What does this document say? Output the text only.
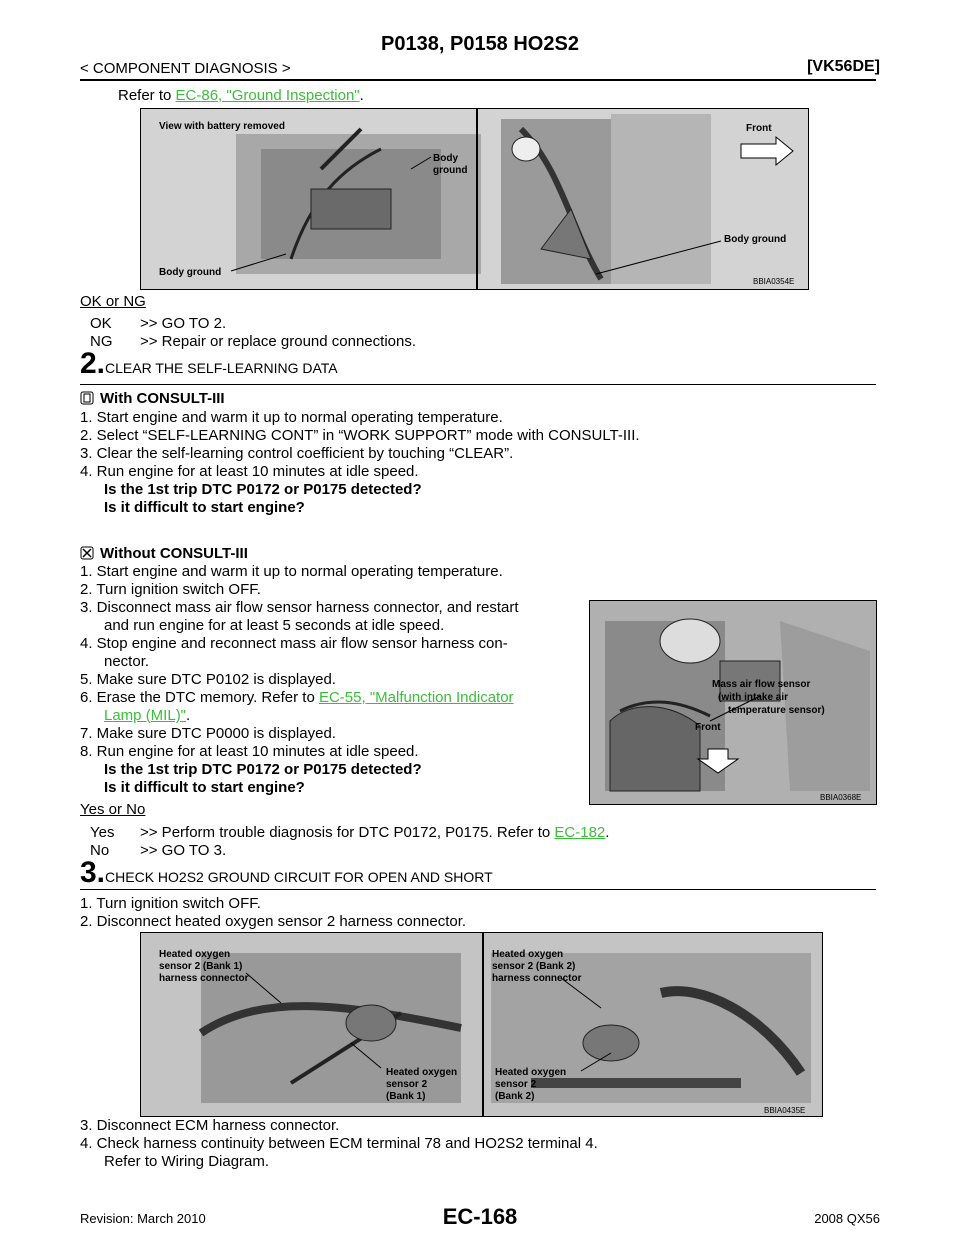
P0138, P0158 HO2S2
< COMPONENT DIAGNOSIS >	[VK56DE]
Refer to EC-86, "Ground Inspection".
View with battery removed
Body
ground
Body ground
Front
Body ground
BBIA0354E
OK or NG
OK >> GO TO 2.
NG >> Repair or replace ground connections.
2.CLEAR THE SELF-LEARNING DATA
With CONSULT-III
1. Start engine and warm it up to normal operating temperature.
2. Select “SELF-LEARNING CONT” in “WORK SUPPORT” mode with CONSULT-III.
3. Clear the self-learning control coefficient by touching “CLEAR”.
4. Run engine for at least 10 minutes at idle speed.
Is the 1st trip DTC P0172 or P0175 detected?
Is it difficult to start engine?
Without CONSULT-III
1. Start engine and warm it up to normal operating temperature.
2. Turn ignition switch OFF.
3. Disconnect mass air flow sensor harness connector, and restart
and run engine for at least 5 seconds at idle speed.
4. Stop engine and reconnect mass air flow sensor harness con-
nector.
5. Make sure DTC P0102 is displayed.
6. Erase the DTC memory. Refer to EC-55, "Malfunction Indicator
Lamp (MIL)".
7. Make sure DTC P0000 is displayed.
8. Run engine for at least 10 minutes at idle speed.
Is the 1st trip DTC P0172 or P0175 detected?
Is it difficult to start engine?
Mass air flow sensor
(with intake air
temperature sensor)
Front
BBIA0368E
Yes or No
Yes >> Perform trouble diagnosis for DTC P0172, P0175. Refer to EC-182.
No >> GO TO 3.
3.CHECK HO2S2 GROUND CIRCUIT FOR OPEN AND SHORT
1. Turn ignition switch OFF.
2. Disconnect heated oxygen sensor 2 harness connector.
Heated oxygen
sensor 2 (Bank 1)
harness connector
Heated oxygen
sensor 2
(Bank 1)
Heated oxygen
sensor 2 (Bank 2)
harness connector
Heated oxygen
sensor 2
(Bank 2)
BBIA0435E
3. Disconnect ECM harness connector.
4. Check harness continuity between ECM terminal 78 and HO2S2 terminal 4.
Refer to Wiring Diagram.
Revision: March 2010	EC-168	2008 QX56
